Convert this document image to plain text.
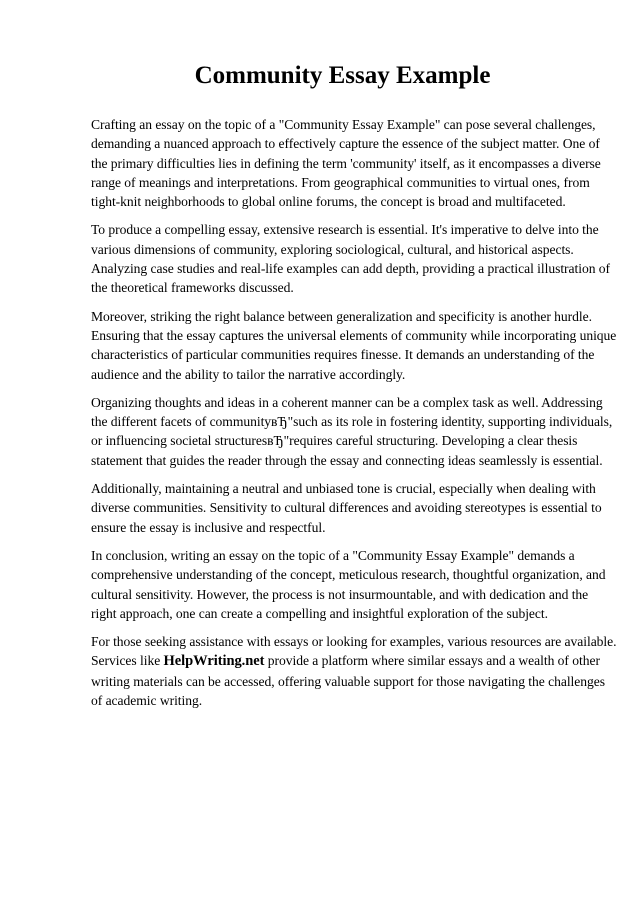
Community Essay Example

Crafting an essay on the topic of a "Community Essay Example" can pose several challenges,
demanding a nuanced approach to effectively capture the essence of the subject matter. One of
the primary difficulties lies in defining the term 'community' itself, as it encompasses a diverse
range of meanings and interpretations. From geographical communities to virtual ones, from
tight-knit neighborhoods to global online forums, the concept is broad and multifaceted.

To produce a compelling essay, extensive research is essential. It's imperative to delve into the
various dimensions of community, exploring sociological, cultural, and historical aspects.
Analyzing case studies and real-life examples can add depth, providing a practical illustration of
the theoretical frameworks discussed.

Moreover, striking the right balance between generalization and specificity is another hurdle.
Ensuring that the essay captures the universal elements of community while incorporating unique
characteristics of particular communities requires finesse. It demands an understanding of the
audience and the ability to tailor the narrative accordingly.

Organizing thoughts and ideas in a coherent manner can be a complex task as well. Addressing
the different facets of communityвЂ"such as its role in fostering identity, supporting individuals,
or influencing societal structuresвЂ"requires careful structuring. Developing a clear thesis
statement that guides the reader through the essay and connecting ideas seamlessly is essential.

Additionally, maintaining a neutral and unbiased tone is crucial, especially when dealing with
diverse communities. Sensitivity to cultural differences and avoiding stereotypes is essential to
ensure the essay is inclusive and respectful.

In conclusion, writing an essay on the topic of a "Community Essay Example" demands a
comprehensive understanding of the concept, meticulous research, thoughtful organization, and
cultural sensitivity. However, the process is not insurmountable, and with dedication and the
right approach, one can create a compelling and insightful exploration of the subject.

For those seeking assistance with essays or looking for examples, various resources are available.
Services like HelpWriting.net provide a platform where similar essays and a wealth of other
writing materials can be accessed, offering valuable support for those navigating the challenges
of academic writing.
